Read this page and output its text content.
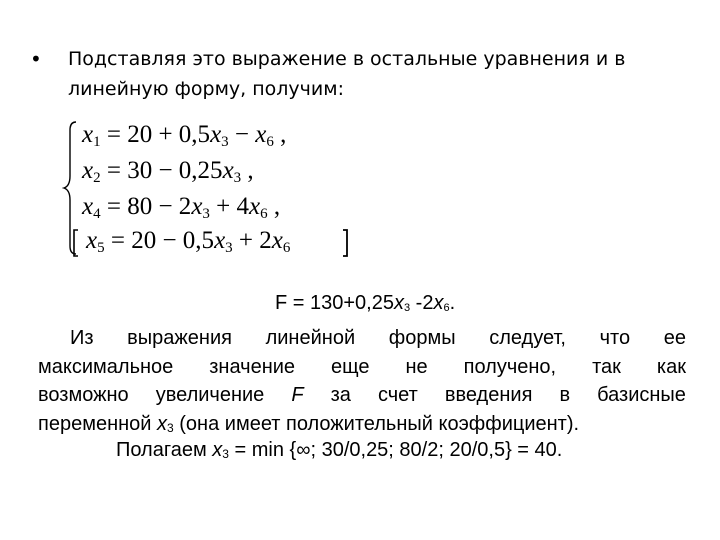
• Подставляя это выражение в остальные уравнения и в
линейную форму, получим:
$x_1 = 20 + 0,5x_3 - x_6$ ,
$x_2 = 30 - 0,25x_3$ ,
$x_4 = 80 - 2x_3 + 4x_6$ ,
$x_5 = 20 - 0,5x_3 + 2x_6$
$F = 130+0,25x_3$ $-2x_6$.
Из выражения линейной формы следует, что ее
максимальное значение еще не получено, так как
возможно увеличение F за счет введения в базисные
переменной $x_3$ (она имеет положительный коэффициент).
Полагаем $x_3 = \min$ {∞; 30/0,25; 80/2; 20/0,5} = 40.
